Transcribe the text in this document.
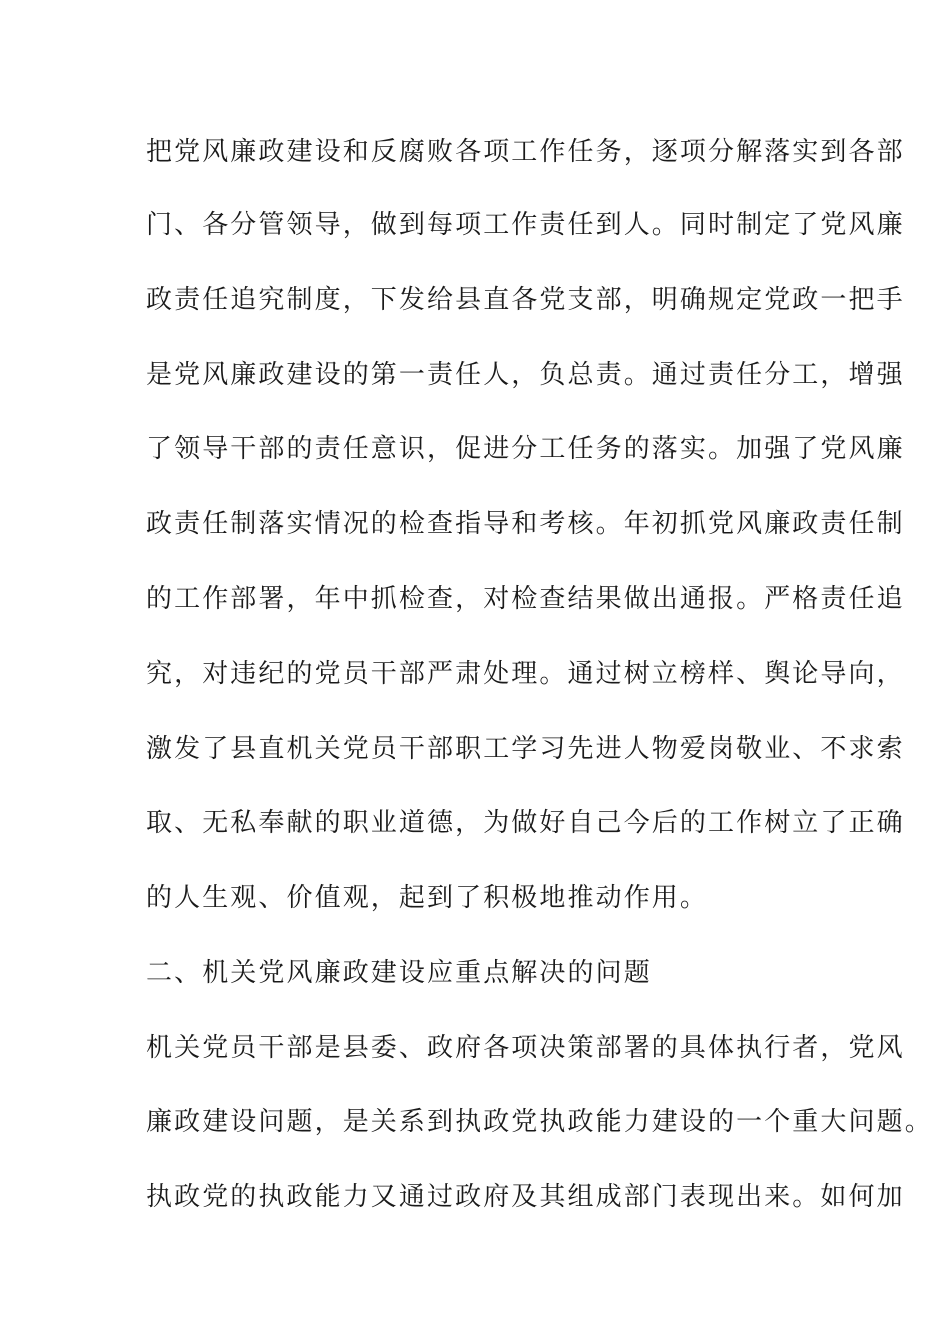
把党风廉政建设和反腐败各项工作任务，逐项分解落实到各部
门、各分管领导，做到每项工作责任到人。同时制定了党风廉
政责任追究制度，下发给县直各党支部，明确规定党政一把手
是党风廉政建设的第一责任人，负总责。通过责任分工，增强
了领导干部的责任意识，促进分工任务的落实。加强了党风廉
政责任制落实情况的检查指导和考核。年初抓党风廉政责任制
的工作部署，年中抓检查，对检查结果做出通报。严格责任追
究，对违纪的党员干部严肃处理。通过树立榜样、舆论导向，
激发了县直机关党员干部职工学习先进人物爱岗敬业、不求索
取、无私奉献的职业道德，为做好自己今后的工作树立了正确
的人生观、价值观，起到了积极地推动作用。
二、机关党风廉政建设应重点解决的问题
机关党员干部是县委、政府各项决策部署的具体执行者，党风
廉政建设问题，是关系到执政党执政能力建设的一个重大问题。
执政党的执政能力又通过政府及其组成部门表现出来。如何加
